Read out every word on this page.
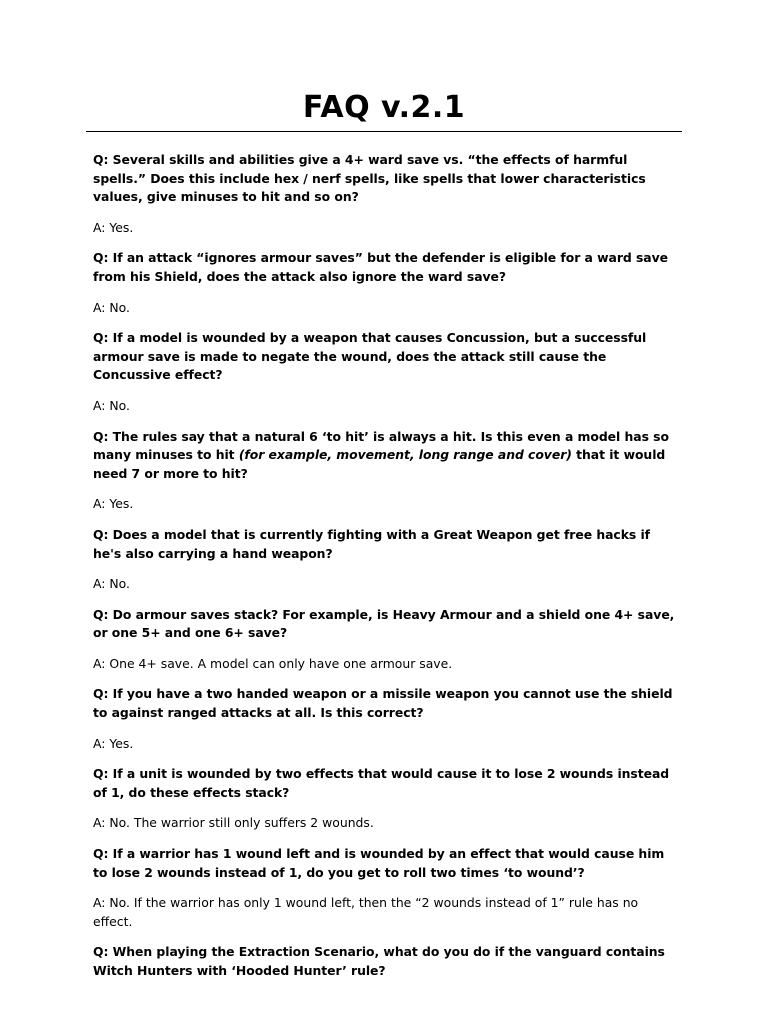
FAQ v.2.1

Q: Several skills and abilities give a 4+ ward save vs. “the effects of harmful spells.” Does this include hex / nerf spells, like spells that lower characteristics values, give minuses to hit and so on?

A: Yes.

Q: If an attack “ignores armour saves” but the defender is eligible for a ward save from his Shield, does the attack also ignore the ward save?

A: No.

Q: If a model is wounded by a weapon that causes Concussion, but a successful armour save is made to negate the wound, does the attack still cause the Concussive effect?

A: No.

Q: The rules say that a natural 6 ‘to hit’ is always a hit. Is this even a model has so many minuses to hit (for example, movement, long range and cover) that it would need 7 or more to hit?

A: Yes.

Q: Does a model that is currently fighting with a Great Weapon get free hacks if he's also carrying a hand weapon?

A: No.

Q: Do armour saves stack? For example, is Heavy Armour and a shield one 4+ save, or one 5+ and one 6+ save?

A: One 4+ save. A model can only have one armour save.

Q: If you have a two handed weapon or a missile weapon you cannot use the shield to against ranged attacks at all. Is this correct?

A: Yes.

Q: If a unit is wounded by two effects that would cause it to lose 2 wounds instead of 1, do these effects stack?

A: No. The warrior still only suffers 2 wounds.

Q: If a warrior has 1 wound left and is wounded by an effect that would cause him to lose 2 wounds instead of 1, do you get to roll two times ‘to wound’?

A: No. If the warrior has only 1 wound left, then the “2 wounds instead of 1” rule has no effect.

Q: When playing the Extraction Scenario, what do you do if the vanguard contains Witch Hunters with ‘Hooded Hunter’ rule?
